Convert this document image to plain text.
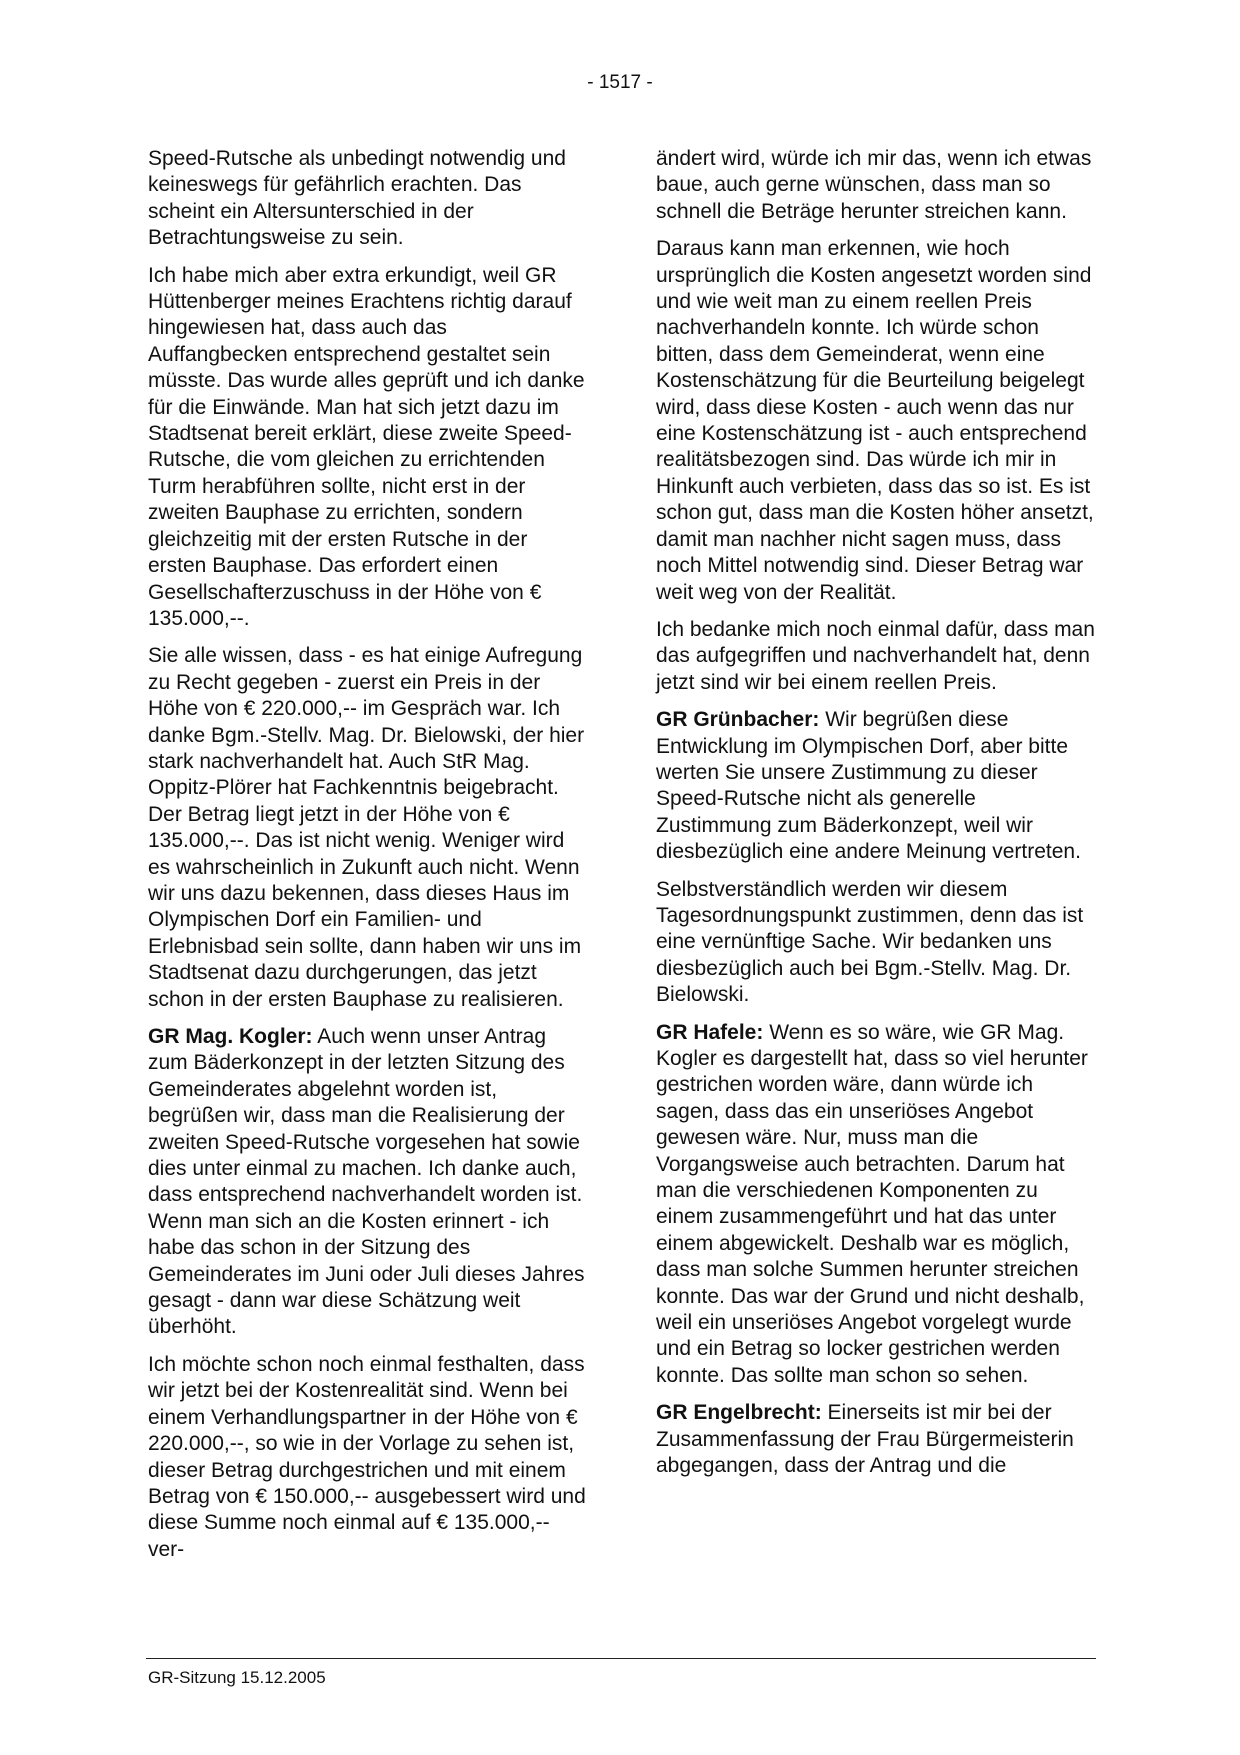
- 1517 -

Speed-Rutsche als unbedingt notwendig und keineswegs für gefährlich erachten. Das scheint ein Altersunterschied in der Betrachtungsweise zu sein.

Ich habe mich aber extra erkundigt, weil GR Hüttenberger meines Erachtens richtig darauf hingewiesen hat, dass auch das Auffangbecken entsprechend gestaltet sein müsste. Das wurde alles geprüft und ich danke für die Einwände. Man hat sich jetzt dazu im Stadtsenat bereit erklärt, diese zweite Speed-Rutsche, die vom gleichen zu errichtenden Turm herabführen sollte, nicht erst in der zweiten Bauphase zu errichten, sondern gleichzeitig mit der ersten Rutsche in der ersten Bauphase. Das erfordert einen Gesellschafterzuschuss in der Höhe von € 135.000,--.

Sie alle wissen, dass - es hat einige Aufregung zu Recht gegeben - zuerst ein Preis in der Höhe von € 220.000,-- im Gespräch war. Ich danke Bgm.-Stellv. Mag. Dr. Bielowski, der hier stark nachverhandelt hat. Auch StR Mag. Oppitz-Plörer hat Fachkenntnis beigebracht. Der Betrag liegt jetzt in der Höhe von € 135.000,--. Das ist nicht wenig. Weniger wird es wahrscheinlich in Zukunft auch nicht. Wenn wir uns dazu bekennen, dass dieses Haus im Olympischen Dorf ein Familien- und Erlebnisbad sein sollte, dann haben wir uns im Stadtsenat dazu durchgerungen, das jetzt schon in der ersten Bauphase zu realisieren.

GR Mag. Kogler: Auch wenn unser Antrag zum Bäderkonzept in der letzten Sitzung des Gemeinderates abgelehnt worden ist, begrüßen wir, dass man die Realisierung der zweiten Speed-Rutsche vorgesehen hat sowie dies unter einmal zu machen. Ich danke auch, dass entsprechend nachverhandelt worden ist. Wenn man sich an die Kosten erinnert - ich habe das schon in der Sitzung des Gemeinderates im Juni oder Juli dieses Jahres gesagt - dann war diese Schätzung weit überhöht.

Ich möchte schon noch einmal festhalten, dass wir jetzt bei der Kostenrealität sind. Wenn bei einem Verhandlungspartner in der Höhe von € 220.000,--, so wie in der Vorlage zu sehen ist, dieser Betrag durchgestrichen und mit einem Betrag von € 150.000,-- ausgebessert wird und diese Summe noch einmal auf € 135.000,-- ver-

ändert wird, würde ich mir das, wenn ich etwas baue, auch gerne wünschen, dass man so schnell die Beträge herunter streichen kann.

Daraus kann man erkennen, wie hoch ursprünglich die Kosten angesetzt worden sind und wie weit man zu einem reellen Preis nachverhandeln konnte. Ich würde schon bitten, dass dem Gemeinderat, wenn eine Kostenschätzung für die Beurteilung beigelegt wird, dass diese Kosten - auch wenn das nur eine Kostenschätzung ist - auch entsprechend realitätsbezogen sind. Das würde ich mir in Hinkunft auch verbieten, dass das so ist. Es ist schon gut, dass man die Kosten höher ansetzt, damit man nachher nicht sagen muss, dass noch Mittel notwendig sind. Dieser Betrag war weit weg von der Realität.

Ich bedanke mich noch einmal dafür, dass man das aufgegriffen und nachverhandelt hat, denn jetzt sind wir bei einem reellen Preis.

GR Grünbacher: Wir begrüßen diese Entwicklung im Olympischen Dorf, aber bitte werten Sie unsere Zustimmung zu dieser Speed-Rutsche nicht als generelle Zustimmung zum Bäderkonzept, weil wir diesbezüglich eine andere Meinung vertreten.

Selbstverständlich werden wir diesem Tagesordnungspunkt zustimmen, denn das ist eine vernünftige Sache. Wir bedanken uns diesbezüglich auch bei Bgm.-Stellv. Mag. Dr. Bielowski.

GR Hafele: Wenn es so wäre, wie GR Mag. Kogler es dargestellt hat, dass so viel herunter gestrichen worden wäre, dann würde ich sagen, dass das ein unseriöses Angebot gewesen wäre. Nur, muss man die Vorgangsweise auch betrachten. Darum hat man die verschiedenen Komponenten zu einem zusammengeführt und hat das unter einem abgewickelt. Deshalb war es möglich, dass man solche Summen herunter streichen konnte. Das war der Grund und nicht deshalb, weil ein unseriöses Angebot vorgelegt wurde und ein Betrag so locker gestrichen werden konnte. Das sollte man schon so sehen.

GR Engelbrecht: Einerseits ist mir bei der Zusammenfassung der Frau Bürgermeisterin abgegangen, dass der Antrag und die

GR-Sitzung 15.12.2005
